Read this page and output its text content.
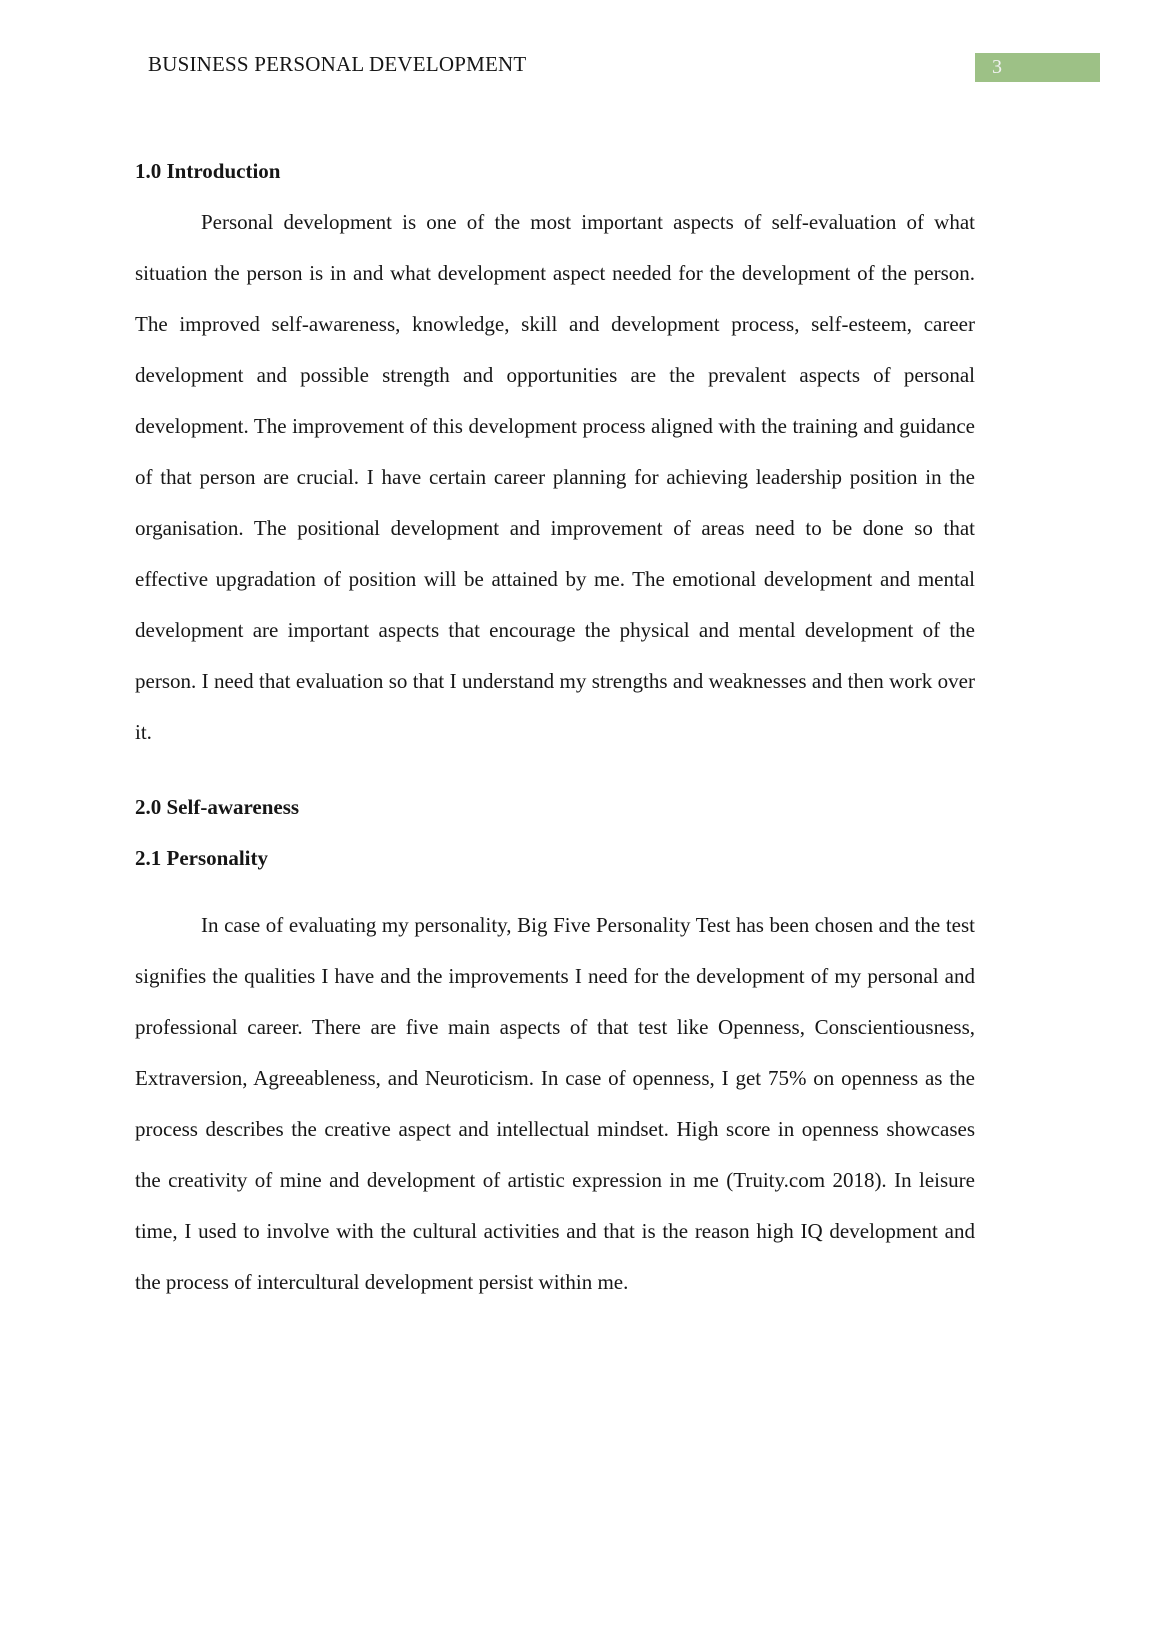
BUSINESS PERSONAL DEVELOPMENT	3
1.0 Introduction

Personal development is one of the most important aspects of self-evaluation of what situation the person is in and what development aspect needed for the development of the person. The improved self-awareness, knowledge, skill and development process, self-esteem, career development and possible strength and opportunities are the prevalent aspects of personal development. The improvement of this development process aligned with the training and guidance of that person are crucial. I have certain career planning for achieving leadership position in the organisation. The positional development and improvement of areas need to be done so that effective upgradation of position will be attained by me. The emotional development and mental development are important aspects that encourage the physical and mental development of the person. I need that evaluation so that I understand my strengths and weaknesses and then work over it.

2.0 Self-awareness
2.1 Personality

In case of evaluating my personality, Big Five Personality Test has been chosen and the test signifies the qualities I have and the improvements I need for the development of my personal and professional career. There are five main aspects of that test like Openness, Conscientiousness, Extraversion, Agreeableness, and Neuroticism. In case of openness, I get 75% on openness as the process describes the creative aspect and intellectual mindset. High score in openness showcases the creativity of mine and development of artistic expression in me (Truity.com 2018). In leisure time, I used to involve with the cultural activities and that is the reason high IQ development and the process of intercultural development persist within me.
